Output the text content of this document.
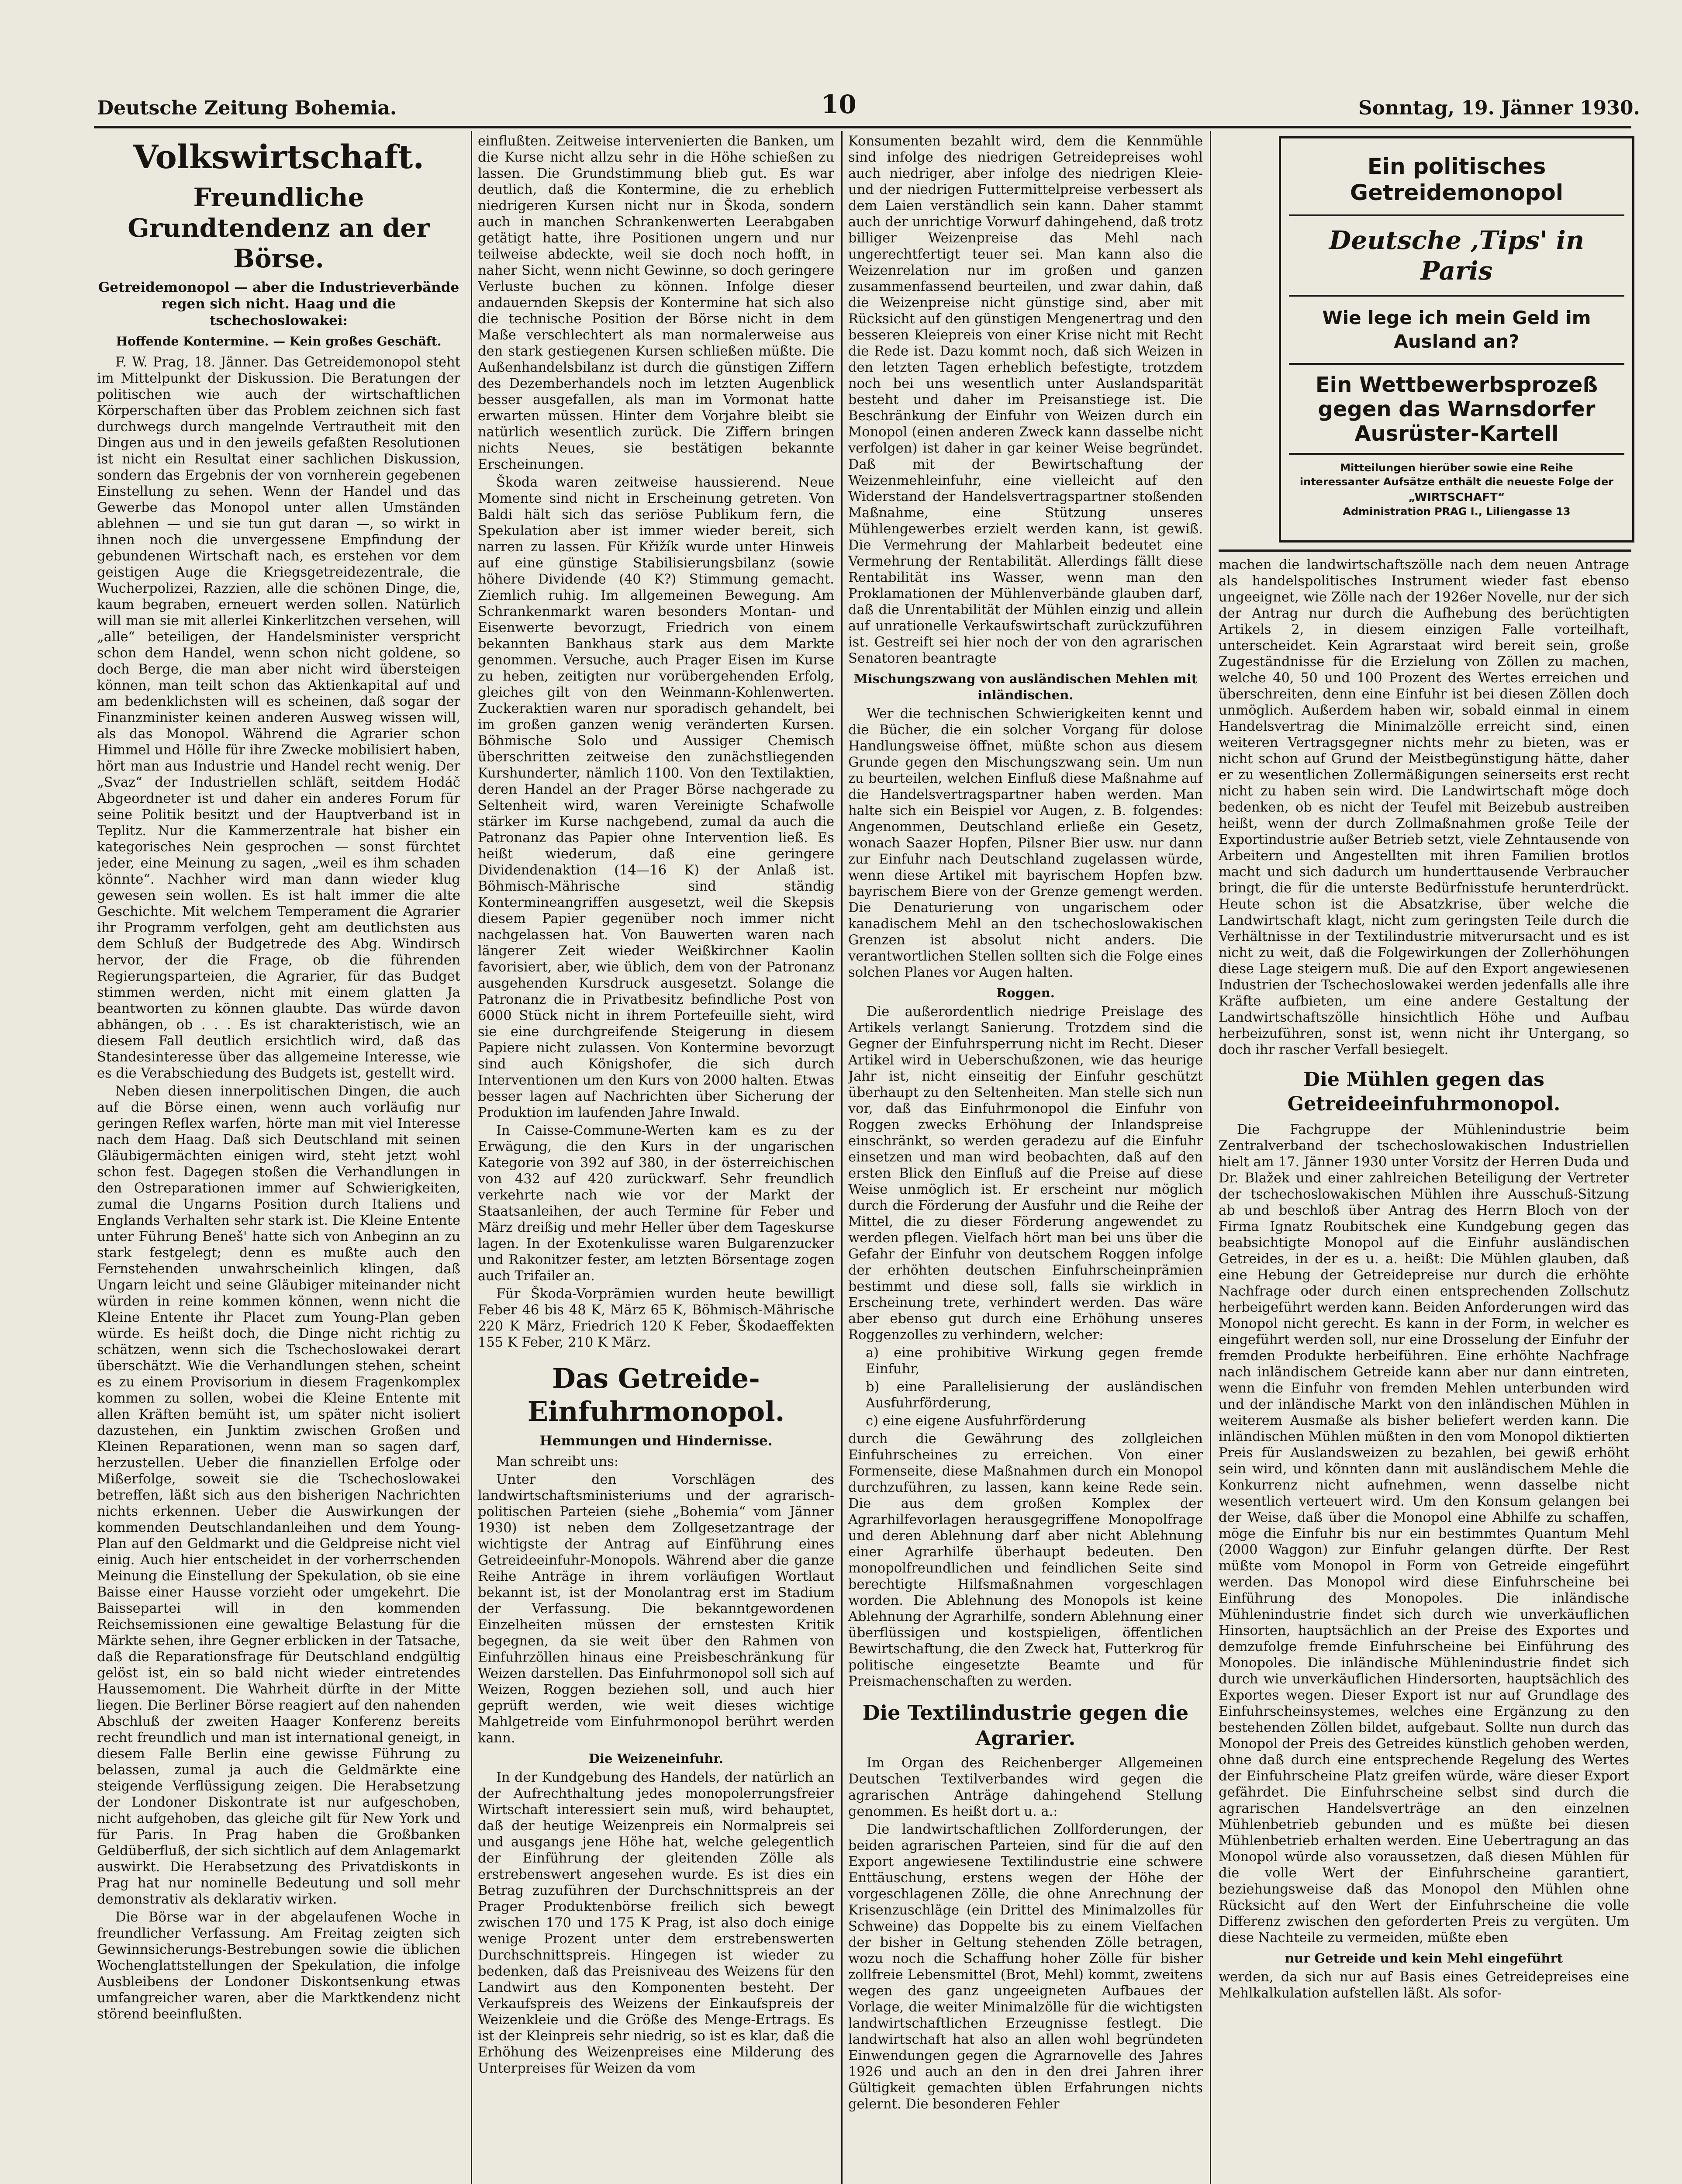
Deutsche Zeitung Bohemia.	10	Sonntag, 19. Jänner 1930.
Volkswirtschaft.
Freundliche Grundtendenz an der Börse.
Getreidemonopol — aber die Industrieverbände regen sich nicht. Haag und die tschechoslowakei:
Hoffende Kontermine. — Kein großes Geschäft.

F. W. Prag, 18. Jänner. Das Getreidemonopol steht im Mittelpunkt der Diskussion. Die Beratungen der politischen wie auch der wirtschaftlichen Körperschaften über das Problem zeichnen sich fast durchwegs durch mangelnde Vertrautheit mit den Dingen aus und in den jeweils gefaßten Resolutionen ist nicht ein Resultat einer sachlichen Diskussion, sondern das Ergebnis der von vornherein gegebenen Einstellung zu sehen. Wenn der Handel und das Gewerbe das Monopol unter allen Umständen ablehnen — und sie tun gut daran —, so wirkt in ihnen noch die unvergessene Empfindung der gebundenen Wirtschaft nach, es erstehen vor dem geistigen Auge die Kriegsgetreidezentrale, die Wucherpolizei, Razzien, alle die schönen Dinge, die, kaum begraben, erneuert werden sollen. Natürlich will man sie mit allerlei Kinkerlitzchen versehen, will „alle“ beteiligen, der Handelsminister verspricht schon dem Handel, wenn schon nicht goldene, so doch Berge, die man aber nicht wird übersteigen können, man teilt schon das Aktienkapital auf und am bedenklichsten will es scheinen, daß sogar der Finanzminister keinen anderen Ausweg wissen will, als das Monopol. Während die Agrarier schon Himmel und Hölle für ihre Zwecke mobilisiert haben, hört man aus Industrie und Handel recht wenig. Der „Svaz“ der Industriellen schläft, seitdem Hodáč Abgeordneter ist und daher ein anderes Forum für seine Politik besitzt und der Hauptverband ist in Teplitz. Nur die Kammerzentrale hat bisher ein kategorisches Nein gesprochen — sonst fürchtet jeder, eine Meinung zu sagen, „weil es ihm schaden könnte“. Nachher wird man dann wieder klug gewesen sein wollen. Es ist halt immer die alte Geschichte. Mit welchem Temperament die Agrarier ihr Programm verfolgen, geht am deutlichsten aus dem Schluß der Budgetrede des Abg. Windirsch hervor, der die Frage, ob die führenden Regierungsparteien, die Agrarier, für das Budget stimmen werden, nicht mit einem glatten Ja beantworten zu können glaubte. Das würde davon abhängen, ob . . . Es ist charakteristisch, wie an diesem Fall deutlich ersichtlich wird, daß das Standesinteresse über das allgemeine Interesse, wie es die Verabschiedung des Budgets ist, gestellt wird.

Neben diesen innerpolitischen Dingen, die auch auf die Börse einen, wenn auch vorläufig nur geringen Reflex warfen, hörte man mit viel Interesse nach dem Haag. Daß sich Deutschland mit seinen Gläubigermächten einigen wird, steht jetzt wohl schon fest. Dagegen stoßen die Verhandlungen in den Ostreparationen immer auf Schwierigkeiten, zumal die Ungarns Position durch Italiens und Englands Verhalten sehr stark ist. Die Kleine Entente unter Führung Beneš' hatte sich von Anbeginn an zu stark festgelegt; denn es mußte auch den Fernstehenden unwahrscheinlich klingen, daß Ungarn leicht und seine Gläubiger miteinander nicht würden in reine kommen können, wenn nicht die Kleine Entente ihr Placet zum Young-Plan geben würde. Es heißt doch, die Dinge nicht richtig zu schätzen, wenn sich die Tschechoslowakei derart überschätzt. Wie die Verhandlungen stehen, scheint es zu einem Provisorium in diesem Fragenkomplex kommen zu sollen, wobei die Kleine Entente mit allen Kräften bemüht ist, um später nicht isoliert dazustehen, ein Junktim zwischen Großen und Kleinen Reparationen, wenn man so sagen darf, herzustellen. Ueber die finanziellen Erfolge oder Mißerfolge, soweit sie die Tschechoslowakei betreffen, läßt sich aus den bisherigen Nachrichten nichts erkennen. Ueber die Auswirkungen der kommenden Deutschlandanleihen und dem Young-Plan auf den Geldmarkt und die Geldpreise nicht viel einig. Auch hier entscheidet in der vorherrschenden Meinung die Einstellung der Spekulation, ob sie eine Baisse einer Hausse vorzieht oder umgekehrt. Die Baissepartei will in den kommenden Reichsemissionen eine gewaltige Belastung für die Märkte sehen, ihre Gegner erblicken in der Tatsache, daß die Reparationsfrage für Deutschland endgültig gelöst ist, ein so bald nicht wieder eintretendes Haussemoment. Die Wahrheit dürfte in der Mitte liegen. Die Berliner Börse reagiert auf den nahenden Abschluß der zweiten Haager Konferenz bereits recht freundlich und man ist international geneigt, in diesem Falle Berlin eine gewisse Führung zu belassen, zumal ja auch die Geldmärkte eine steigende Verflüssigung zeigen. Die Herabsetzung der Londoner Diskontrate ist nur aufgeschoben, nicht aufgehoben, das gleiche gilt für New York und für Paris. In Prag haben die Großbanken Geldüberfluß, der sich sichtlich auf dem Anlagemarkt auswirkt. Die Herabsetzung des Privatdiskonts in Prag hat nur nominelle Bedeutung und soll mehr demonstrativ als deklarativ wirken.

Die Börse war in der abgelaufenen Woche in freundlicher Verfassung. Am Freitag zeigten sich Gewinnsicherungs-Bestrebungen sowie die üblichen Wochenglattstellungen der Spekulation, die infolge Ausbleibens der Londoner Diskontsenkung etwas umfangreicher waren, aber die Marktkendenz nicht störend beeinflußten.

einflußten. Zeitweise intervenierten die Banken, um die Kurse nicht allzu sehr in die Höhe schießen zu lassen. Die Grundstimmung blieb gut. Es war deutlich, daß die Kontermine, die zu erheblich niedrigeren Kursen nicht nur in Škoda, sondern auch in manchen Schrankenwerten Leerabgaben getätigt hatte, ihre Positionen ungern und nur teilweise abdeckte, weil sie doch noch hofft, in naher Sicht, wenn nicht Gewinne, so doch geringere Verluste buchen zu können. Infolge dieser andauernden Skepsis der Kontermine hat sich also die technische Position der Börse nicht in dem Maße verschlechtert als man normalerweise aus den stark gestiegenen Kursen schließen müßte. Die Außenhandelsbilanz ist durch die günstigen Ziffern des Dezemberhandels noch im letzten Augenblick besser ausgefallen, als man im Vormonat hatte erwarten müssen. Hinter dem Vorjahre bleibt sie natürlich wesentlich zurück. Die Ziffern bringen nichts Neues, sie bestätigen bekannte Erscheinungen.

Škoda waren zeitweise haussierend. Neue Momente sind nicht in Erscheinung getreten. Von Baldi hält sich das seriöse Publikum fern, die Spekulation aber ist immer wieder bereit, sich narren zu lassen. Für Křižík wurde unter Hinweis auf eine günstige Stabilisierungsbilanz (sowie höhere Dividende (40 K?) Stimmung gemacht. Ziemlich ruhig. Im allgemeinen Bewegung. Am Schrankenmarkt waren besonders Montan- und Eisenwerte bevorzugt, Friedrich von einem bekannten Bankhaus stark aus dem Markte genommen. Versuche, auch Prager Eisen im Kurse zu heben, zeitigten nur vorübergehenden Erfolg, gleiches gilt von den Weinmann-Kohlenwerten. Zuckeraktien waren nur sporadisch gehandelt, bei im großen ganzen wenig veränderten Kursen. Böhmische Solo und Aussiger Chemisch überschritten zeitweise den zunächstliegenden Kurshunderter, nämlich 1100. Von den Textilaktien, deren Handel an der Prager Börse nachgerade zu Seltenheit wird, waren Vereinigte Schafwolle stärker im Kurse nachgebend, zumal da auch die Patronanz das Papier ohne Intervention ließ. Es heißt wiederum, daß eine geringere Dividendenaktion (14—16 K) der Anlaß ist. Böhmisch-Mährische sind ständig Kontermineangriffen ausgesetzt, weil die Skepsis diesem Papier gegenüber noch immer nicht nachgelassen hat. Von Bauwerten waren nach längerer Zeit wieder Weißkirchner Kaolin favorisiert, aber, wie üblich, dem von der Patronanz ausgehenden Kursdruck ausgesetzt. Solange die Patronanz die in Privatbesitz befindliche Post von 6000 Stück nicht in ihrem Portefeuille sieht, wird sie eine durchgreifende Steigerung in diesem Papiere nicht zulassen. Von Kontermine bevorzugt sind auch Königshofer, die sich durch Interventionen um den Kurs von 2000 halten. Etwas besser lagen auf Nachrichten über Sicherung der Produktion im laufenden Jahre Inwald.

In Caisse-Commune-Werten kam es zu der Erwägung, die den Kurs in der ungarischen Kategorie von 392 auf 380, in der österreichischen von 432 auf 420 zurückwarf. Sehr freundlich verkehrte nach wie vor der Markt der Staatsanleihen, der auch Termine für Feber und März dreißig und mehr Heller über dem Tageskurse lagen. In der Exotenkulisse waren Bulgarenzucker und Rakonitzer fester, am letzten Börsentage zogen auch Trifailer an.

Für Škoda-Vorprämien wurden heute bewilligt Feber 46 bis 48 K, März 65 K, Böhmisch-Mährische 220 K März, Friedrich 120 K Feber, Škodaeffekten 155 K Feber, 210 K März.

Das Getreide-Einfuhrmonopol.
Hemmungen und Hindernisse.

Man schreibt uns:

Unter den Vorschlägen des landwirtschaftsministeriums und der agrarisch-politischen Parteien (siehe „Bohemia“ vom Jänner 1930) ist neben dem Zollgesetzantrage der wichtigste der Antrag auf Einführung eines Getreideeinfuhr-Monopols. Während aber die ganze Reihe Anträge in ihrem vorläufigen Wortlaut bekannt ist, ist der Monolantrag erst im Stadium der Verfassung. Die bekanntgewordenen Einzelheiten müssen der ernstesten Kritik begegnen, da sie weit über den Rahmen von Einfuhrzöllen hinaus eine Preisbeschränkung für Weizen darstellen. Das Einfuhrmonopol soll sich auf Weizen, Roggen beziehen soll, und auch hier geprüft werden, wie weit dieses wichtige Mahlgetreide vom Einfuhrmonopol berührt werden kann.

Die Weizeneinfuhr.

In der Kundgebung des Handels, der natürlich an der Aufrechthaltung jedes monopolerrungsfreier Wirtschaft interessiert sein muß, wird behauptet, daß der heutige Weizenpreis ein Normalpreis sei und ausgangs jene Höhe hat, welche gelegentlich der Einführung der gleitenden Zölle als erstrebenswert angesehen wurde. Es ist dies ein Betrag zuzuführen der Durchschnittspreis an der Prager Produktenbörse freilich sich bewegt zwischen 170 und 175 K Prag, ist also doch einige wenige Prozent unter dem erstrebenswerten Durchschnittspreis. Hingegen ist wieder zu bedenken, daß das Preisniveau des Weizens für den Landwirt aus den Komponenten besteht. Der Verkaufspreis des Weizens der Einkaufspreis der Weizenkleie und die Größe des Menge-Ertrags. Es ist der Kleinpreis sehr niedrig, so ist es klar, daß die Erhöhung des Weizenpreises eine Milderung des Unterpreises für Weizen da vom

Konsumenten bezahlt wird, dem die Kennmühle sind infolge des niedrigen Getreidepreises wohl auch niedriger, aber infolge des niedrigen Kleie- und der niedrigen Futtermittelpreise verbessert als dem Laien verständlich sein kann. Daher stammt auch der unrichtige Vorwurf dahingehend, daß trotz billiger Weizenpreise das Mehl nach ungerechtfertigt teuer sei. Man kann also die Weizenrelation nur im großen und ganzen zusammenfassend beurteilen, und zwar dahin, daß die Weizenpreise nicht günstige sind, aber mit Rücksicht auf den günstigen Mengenertrag und den besseren Kleiepreis von einer Krise nicht mit Recht die Rede ist. Dazu kommt noch, daß sich Weizen in den letzten Tagen erheblich befestigte, trotzdem noch bei uns wesentlich unter Auslandsparität besteht und daher im Preisanstiege ist. Die Beschränkung der Einfuhr von Weizen durch ein Monopol (einen anderen Zweck kann dasselbe nicht verfolgen) ist daher in gar keiner Weise begründet. Daß mit der Bewirtschaftung der Weizenmehleinfuhr, eine vielleicht auf den Widerstand der Handelsvertragspartner stoßenden Maßnahme, eine Stützung unseres Mühlengewerbes erzielt werden kann, ist gewiß. Die Vermehrung der Mahlarbeit bedeutet eine Vermehrung der Rentabilität. Allerdings fällt diese Rentabilität ins Wasser, wenn man den Proklamationen der Mühlenverbände glauben darf, daß die Unrentabilität der Mühlen einzig und allein auf unrationelle Verkaufswirtschaft zurückzuführen ist. Gestreift sei hier noch der von den agrarischen Senatoren beantragte

Mischungszwang von ausländischen Mehlen mit inländischen.

Wer die technischen Schwierigkeiten kennt und die Bücher, die ein solcher Vorgang für dolose Handlungsweise öffnet, müßte schon aus diesem Grunde gegen den Mischungszwang sein. Um nun zu beurteilen, welchen Einfluß diese Maßnahme auf die Handelsvertragspartner haben werden. Man halte sich ein Beispiel vor Augen, z. B. folgendes: Angenommen, Deutschland erließe ein Gesetz, wonach Saazer Hopfen, Pilsner Bier usw. nur dann zur Einfuhr nach Deutschland zugelassen würde, wenn diese Artikel mit bayrischem Hopfen bzw. bayrischem Biere von der Grenze gemengt werden. Die Denaturierung von ungarischem oder kanadischem Mehl an den tschechoslowakischen Grenzen ist absolut nicht anders. Die verantwortlichen Stellen sollten sich die Folge eines solchen Planes vor Augen halten.

Roggen.

Die außerordentlich niedrige Preislage des Artikels verlangt Sanierung. Trotzdem sind die Gegner der Einfuhrsperrung nicht im Recht. Dieser Artikel wird in Ueberschußzonen, wie das heurige Jahr ist, nicht einseitig der Einfuhr geschützt überhaupt zu den Seltenheiten. Man stelle sich nun vor, daß das Einfuhrmonopol die Einfuhr von Roggen zwecks Erhöhung der Inlandspreise einschränkt, so werden geradezu auf die Einfuhr einsetzen und man wird beobachten, daß auf den ersten Blick den Einfluß auf die Preise auf diese Weise unmöglich ist. Er erscheint nur möglich durch die Förderung der Ausfuhr und die Reihe der Mittel, die zu dieser Förderung angewendet zu werden pflegen. Vielfach hört man bei uns über die Gefahr der Einfuhr von deutschem Roggen infolge der erhöhten deutschen Einfuhrscheinprämien bestimmt und diese soll, falls sie wirklich in Erscheinung trete, verhindert werden. Das wäre aber ebenso gut durch eine Erhöhung unseres Roggenzolles zu verhindern, welcher:

a) eine prohibitive Wirkung gegen fremde Einfuhr,

b) eine Parallelisierung der ausländischen Ausfuhrförderung,

c) eine eigene Ausfuhrförderung

durch die Gewährung des zollgleichen Einfuhrscheines zu erreichen. Von einer Formenseite, diese Maßnahmen durch ein Monopol durchzuführen, zu lassen, kann keine Rede sein. Die aus dem großen Komplex der Agrarhilfevorlagen herausgegriffene Monopolfrage und deren Ablehnung darf aber nicht Ablehnung einer Agrarhilfe überhaupt bedeuten. Den monopolfreundlichen und feindlichen Seite sind berechtigte Hilfsmaßnahmen vorgeschlagen worden. Die Ablehnung des Monopols ist keine Ablehnung der Agrarhilfe, sondern Ablehnung einer überflüssigen und kostspieligen, öffentlichen Bewirtschaftung, die den Zweck hat, Futterkrog für politische eingesetzte Beamte und für Preismachenschaften zu werden.

Die Textilindustrie gegen die Agrarier.

Im Organ des Reichenberger Allgemeinen Deutschen Textilverbandes wird gegen die agrarischen Anträge dahingehend Stellung genommen. Es heißt dort u. a.:

Die landwirtschaftlichen Zollforderungen, der beiden agrarischen Parteien, sind für die auf den Export angewiesene Textilindustrie eine schwere Enttäuschung, erstens wegen der Höhe der vorgeschlagenen Zölle, die ohne Anrechnung der Krisenzuschläge (ein Drittel des Minimalzolles für Schweine) das Doppelte bis zu einem Vielfachen der bisher in Geltung stehenden Zölle betragen, wozu noch die Schaffung hoher Zölle für bisher zollfreie Lebensmittel (Brot, Mehl) kommt, zweitens wegen des ganz ungeeigneten Aufbaues der Vorlage, die weiter Minimalzölle für die wichtigsten landwirtschaftlichen Erzeugnisse festlegt. Die landwirtschaft hat also an allen wohl begründeten Einwendungen gegen die Agrarnovelle des Jahres 1926 und auch an den in den drei Jahren ihrer Gültigkeit gemachten üblen Erfahrungen nichts gelernt. Die besonderen Fehler

Ein politisches Getreidemonopol
Deutsche ‚Tips' in Paris
Wie lege ich mein Geld im Ausland an?
Ein Wettbewerbsprozeß gegen das Warnsdorfer Ausrüster-Kartell
Mitteilungen hierüber sowie eine Reihe interessanter Aufsätze enthält die neueste Folge der
„WIRTSCHAFT“
Administration PRAG I., Liliengasse 13

machen die landwirtschaftszölle nach dem neuen Antrage als handelspolitisches Instrument wieder fast ebenso ungeeignet, wie Zölle nach der 1926er Novelle, nur der sich der Antrag nur durch die Aufhebung des berüchtigten Artikels 2, in diesem einzigen Falle vorteilhaft, unterscheidet. Kein Agrarstaat wird bereit sein, große Zugeständnisse für die Erzielung von Zöllen zu machen, welche 40, 50 und 100 Prozent des Wertes erreichen und überschreiten, denn eine Einfuhr ist bei diesen Zöllen doch unmöglich. Außerdem haben wir, sobald einmal in einem Handelsvertrag die Minimalzölle erreicht sind, einen weiteren Vertragsgegner nichts mehr zu bieten, was er nicht schon auf Grund der Meistbegünstigung hätte, daher er zu wesentlichen Zollermäßigungen seinerseits erst recht nicht zu haben sein wird. Die Landwirtschaft möge doch bedenken, ob es nicht der Teufel mit Beizebub austreiben heißt, wenn der durch Zollmaßnahmen große Teile der Exportindustrie außer Betrieb setzt, viele Zehntausende von Arbeitern und Angestellten mit ihren Familien brotlos macht und sich dadurch um hunderttausende Verbraucher bringt, die für die unterste Bedürfnisstufe herunterdrückt. Heute schon ist die Absatzkrise, über welche die Landwirtschaft klagt, nicht zum geringsten Teile durch die Verhältnisse in der Textilindustrie mitverursacht und es ist nicht zu weit, daß die Folgewirkungen der Zollerhöhungen diese Lage steigern muß. Die auf den Export angewiesenen Industrien der Tschechoslowakei werden jedenfalls alle ihre Kräfte aufbieten, um eine andere Gestaltung der Landwirtschaftszölle hinsichtlich Höhe und Aufbau herbeizuführen, sonst ist, wenn nicht ihr Untergang, so doch ihr rascher Verfall besiegelt.

Die Mühlen gegen das Getreideeinfuhrmonopol.

Die Fachgruppe der Mühlenindustrie beim Zentralverband der tschechoslowakischen Industriellen hielt am 17. Jänner 1930 unter Vorsitz der Herren Duda und Dr. Blažek und einer zahlreichen Beteiligung der Vertreter der tschechoslowakischen Mühlen ihre Ausschuß-Sitzung ab und beschloß über Antrag des Herrn Bloch von der Firma Ignatz Roubitschek eine Kundgebung gegen das beabsichtigte Monopol auf die Einfuhr ausländischen Getreides, in der es u. a. heißt: Die Mühlen glauben, daß eine Hebung der Getreidepreise nur durch die erhöhte Nachfrage oder durch einen entsprechenden Zollschutz herbeigeführt werden kann. Beiden Anforderungen wird das Monopol nicht gerecht. Es kann in der Form, in welcher es eingeführt werden soll, nur eine Drosselung der Einfuhr der fremden Produkte herbeiführen. Eine erhöhte Nachfrage nach inländischem Getreide kann aber nur dann eintreten, wenn die Einfuhr von fremden Mehlen unterbunden wird und der inländische Markt von den inländischen Mühlen in weiterem Ausmaße als bisher beliefert werden kann. Die inländischen Mühlen müßten in den vom Monopol diktierten Preis für Auslandsweizen zu bezahlen, bei gewiß erhöht sein wird, und könnten dann mit ausländischem Mehle die Konkurrenz nicht aufnehmen, wenn dasselbe nicht wesentlich verteuert wird. Um den Konsum gelangen bei der Weise, daß über die Monopol eine Abhilfe zu schaffen, möge die Einfuhr bis nur ein bestimmtes Quantum Mehl (2000 Waggon) zur Einfuhr gelangen dürfte. Der Rest müßte vom Monopol in Form von Getreide eingeführt werden. Das Monopol wird diese Einfuhrscheine bei Einführung des Monopoles. Die inländische Mühlenindustrie findet sich durch wie unverkäuflichen Hinsorten, hauptsächlich an der Preise des Exportes und demzufolge fremde Einfuhrscheine bei Einführung des Monopoles. Die inländische Mühlenindustrie findet sich durch wie unverkäuflichen Hindersorten, hauptsächlich des Exportes wegen. Dieser Export ist nur auf Grundlage des Einfuhrscheinsystemes, welches eine Ergänzung zu den bestehenden Zöllen bildet, aufgebaut. Sollte nun durch das Monopol der Preis des Getreides künstlich gehoben werden, ohne daß durch eine entsprechende Regelung des Wertes der Einfuhrscheine Platz greifen würde, wäre dieser Export gefährdet. Die Einfuhrscheine selbst sind durch die agrarischen Handelsverträge an den einzelnen Mühlenbetrieb gebunden und es müßte bei diesen Mühlenbetrieb erhalten werden. Eine Uebertragung an das Monopol würde also voraussetzen, daß diesen Mühlen für die volle Wert der Einfuhrscheine garantiert, beziehungsweise daß das Monopol den Mühlen ohne Rücksicht auf den Wert der Einfuhrscheine die volle Differenz zwischen den geforderten Preis zu vergüten. Um diese Nachteile zu vermeiden, müßte eben

nur Getreide und kein Mehl eingeführt

werden, da sich nur auf Basis eines Getreidepreises eine Mehlkalkulation aufstellen läßt. Als sofor-
